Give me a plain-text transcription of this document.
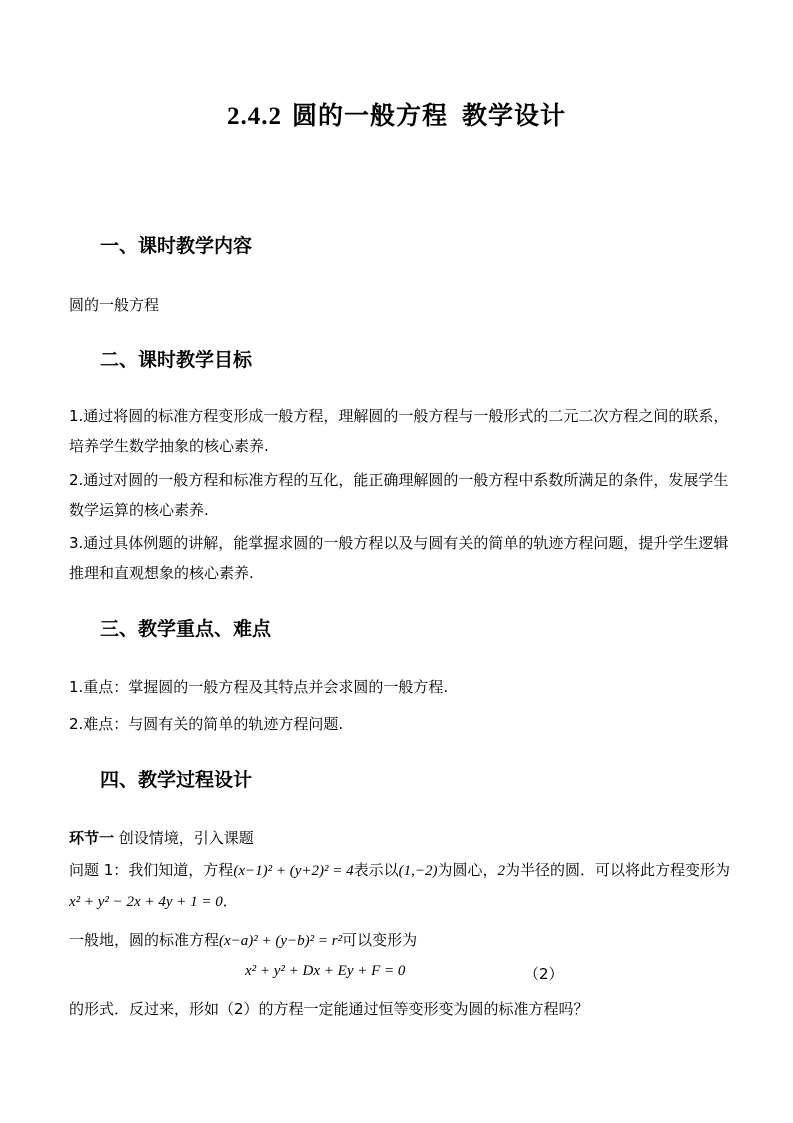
2.4.2 圆的一般方程 教学设计
一、课时教学内容
圆的一般方程
二、课时教学目标
1.通过将圆的标准方程变形成一般方程，理解圆的一般方程与一般形式的二元二次方程之间的联系，培养学生数学抽象的核心素养.
2.通过对圆的一般方程和标准方程的互化，能正确理解圆的一般方程中系数所满足的条件，发展学生数学运算的核心素养.
3.通过具体例题的讲解，能掌握求圆的一般方程以及与圆有关的简单的轨迹方程问题，提升学生逻辑推理和直观想象的核心素养.
三、教学重点、难点
1.重点：掌握圆的一般方程及其特点并会求圆的一般方程.
2.难点：与圆有关的简单的轨迹方程问题.
四、教学过程设计
环节一 创设情境，引入课题
问题 1：我们知道，方程(x−1)² + (y+2)² = 4表示以(1,−2)为圆心，2为半径的圆．可以将此方程变形为x² + y² − 2x + 4y + 1 = 0．
一般地，圆的标准方程(x−a)² + (y−b)² = r²可以变形为
x² + y² + Dx + Ey + F = 0	（2）
的形式．反过来，形如（2）的方程一定能通过恒等变形变为圆的标准方程吗？
